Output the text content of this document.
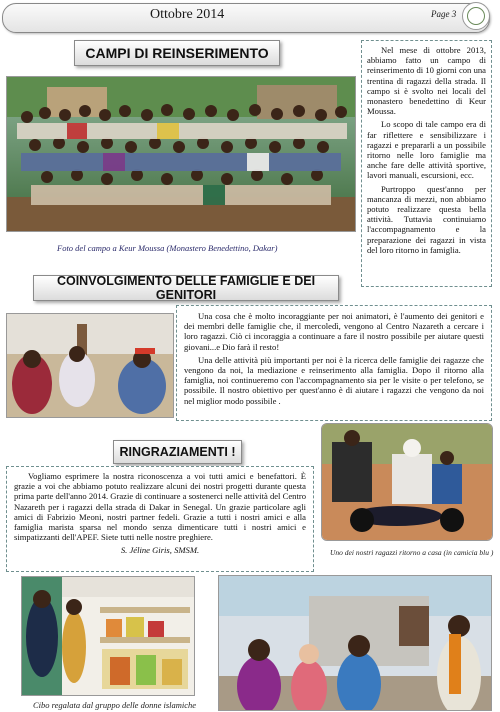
Ottobre 2014	Page 3
CAMPI DI REINSERIMENTO
Foto del campo a Keur Moussa (Monastero Benedettino, Dakar)

Nel mese di ottobre 2013, abbiamo fatto un campo di reinserimento di 10 giorni con una trentina di ragazzi della strada. Il campo si è svolto nei locali del monastero benedettino di Keur Moussa.

Lo scopo di tale campo era di far riflettere e sensibilizzare i ragazzi e prepararli a un possibile ritorno nelle loro famiglie ma anche fare delle attività sportive, lavori manuali, escursioni, ecc.

Purtroppo quest'anno per mancanza di mezzi, non abbiamo potuto realizzare questa bella attività. Tuttavia continuiamo l'accompagnamento e la preparazione dei ragazzi in vista del loro ritorno in famiglia.

COINVOLGIMENTO DELLE FAMIGLIE E DEI GENITORI

Una cosa che è molto incoraggiante per noi animatori, è l'aumento dei genitori e dei membri delle famiglie che, il mercoledì, vengono al Centro Nazareth a cercare i loro ragazzi. Ciò ci incoraggia a continuare a fare il nostro possibile per aiutare questi giovani...e Dio farà il resto!

Una delle attività più importanti per noi è la ricerca delle famiglie dei ragazze che vengono da noi, la mediazione e reinserimento alla famiglia. Dopo il ritorno alla famiglia, noi continueremo con l'accompagnamento sia per le visite o per telefono, se possibile. Il nostro obiettivo per quest'anno è di aiutare i ragazzi che vengono da noi nel miglior modo possibile .

RINGRAZIAMENTI !

Vogliamo esprimere la nostra riconoscenza a voi tutti amici e benefattori. È grazie a voi che abbiamo potuto realizzare alcuni dei nostri progetti durante questa prima parte dell'anno 2014. Grazie di continuare a sostenerci nelle attività del Centro Nazareth per i ragazzi della strada di Dakar in Senegal. Un grazie particolare agli amici di Fabrizio Meoni, nostri partner fedeli. Grazie a tutti i nostri amici e alla famiglia marista sparsa nel mondo senza dimenticare tutti i nostri amici e simpatizzanti dell'APEF. Siete tutti nelle nostre preghiere.

S. Jéline Giris, SMSM.	Uno dei nostri ragazzi ritorno a casa (in camicia blu )
Cibo regalata dal gruppo delle donne islamiche
